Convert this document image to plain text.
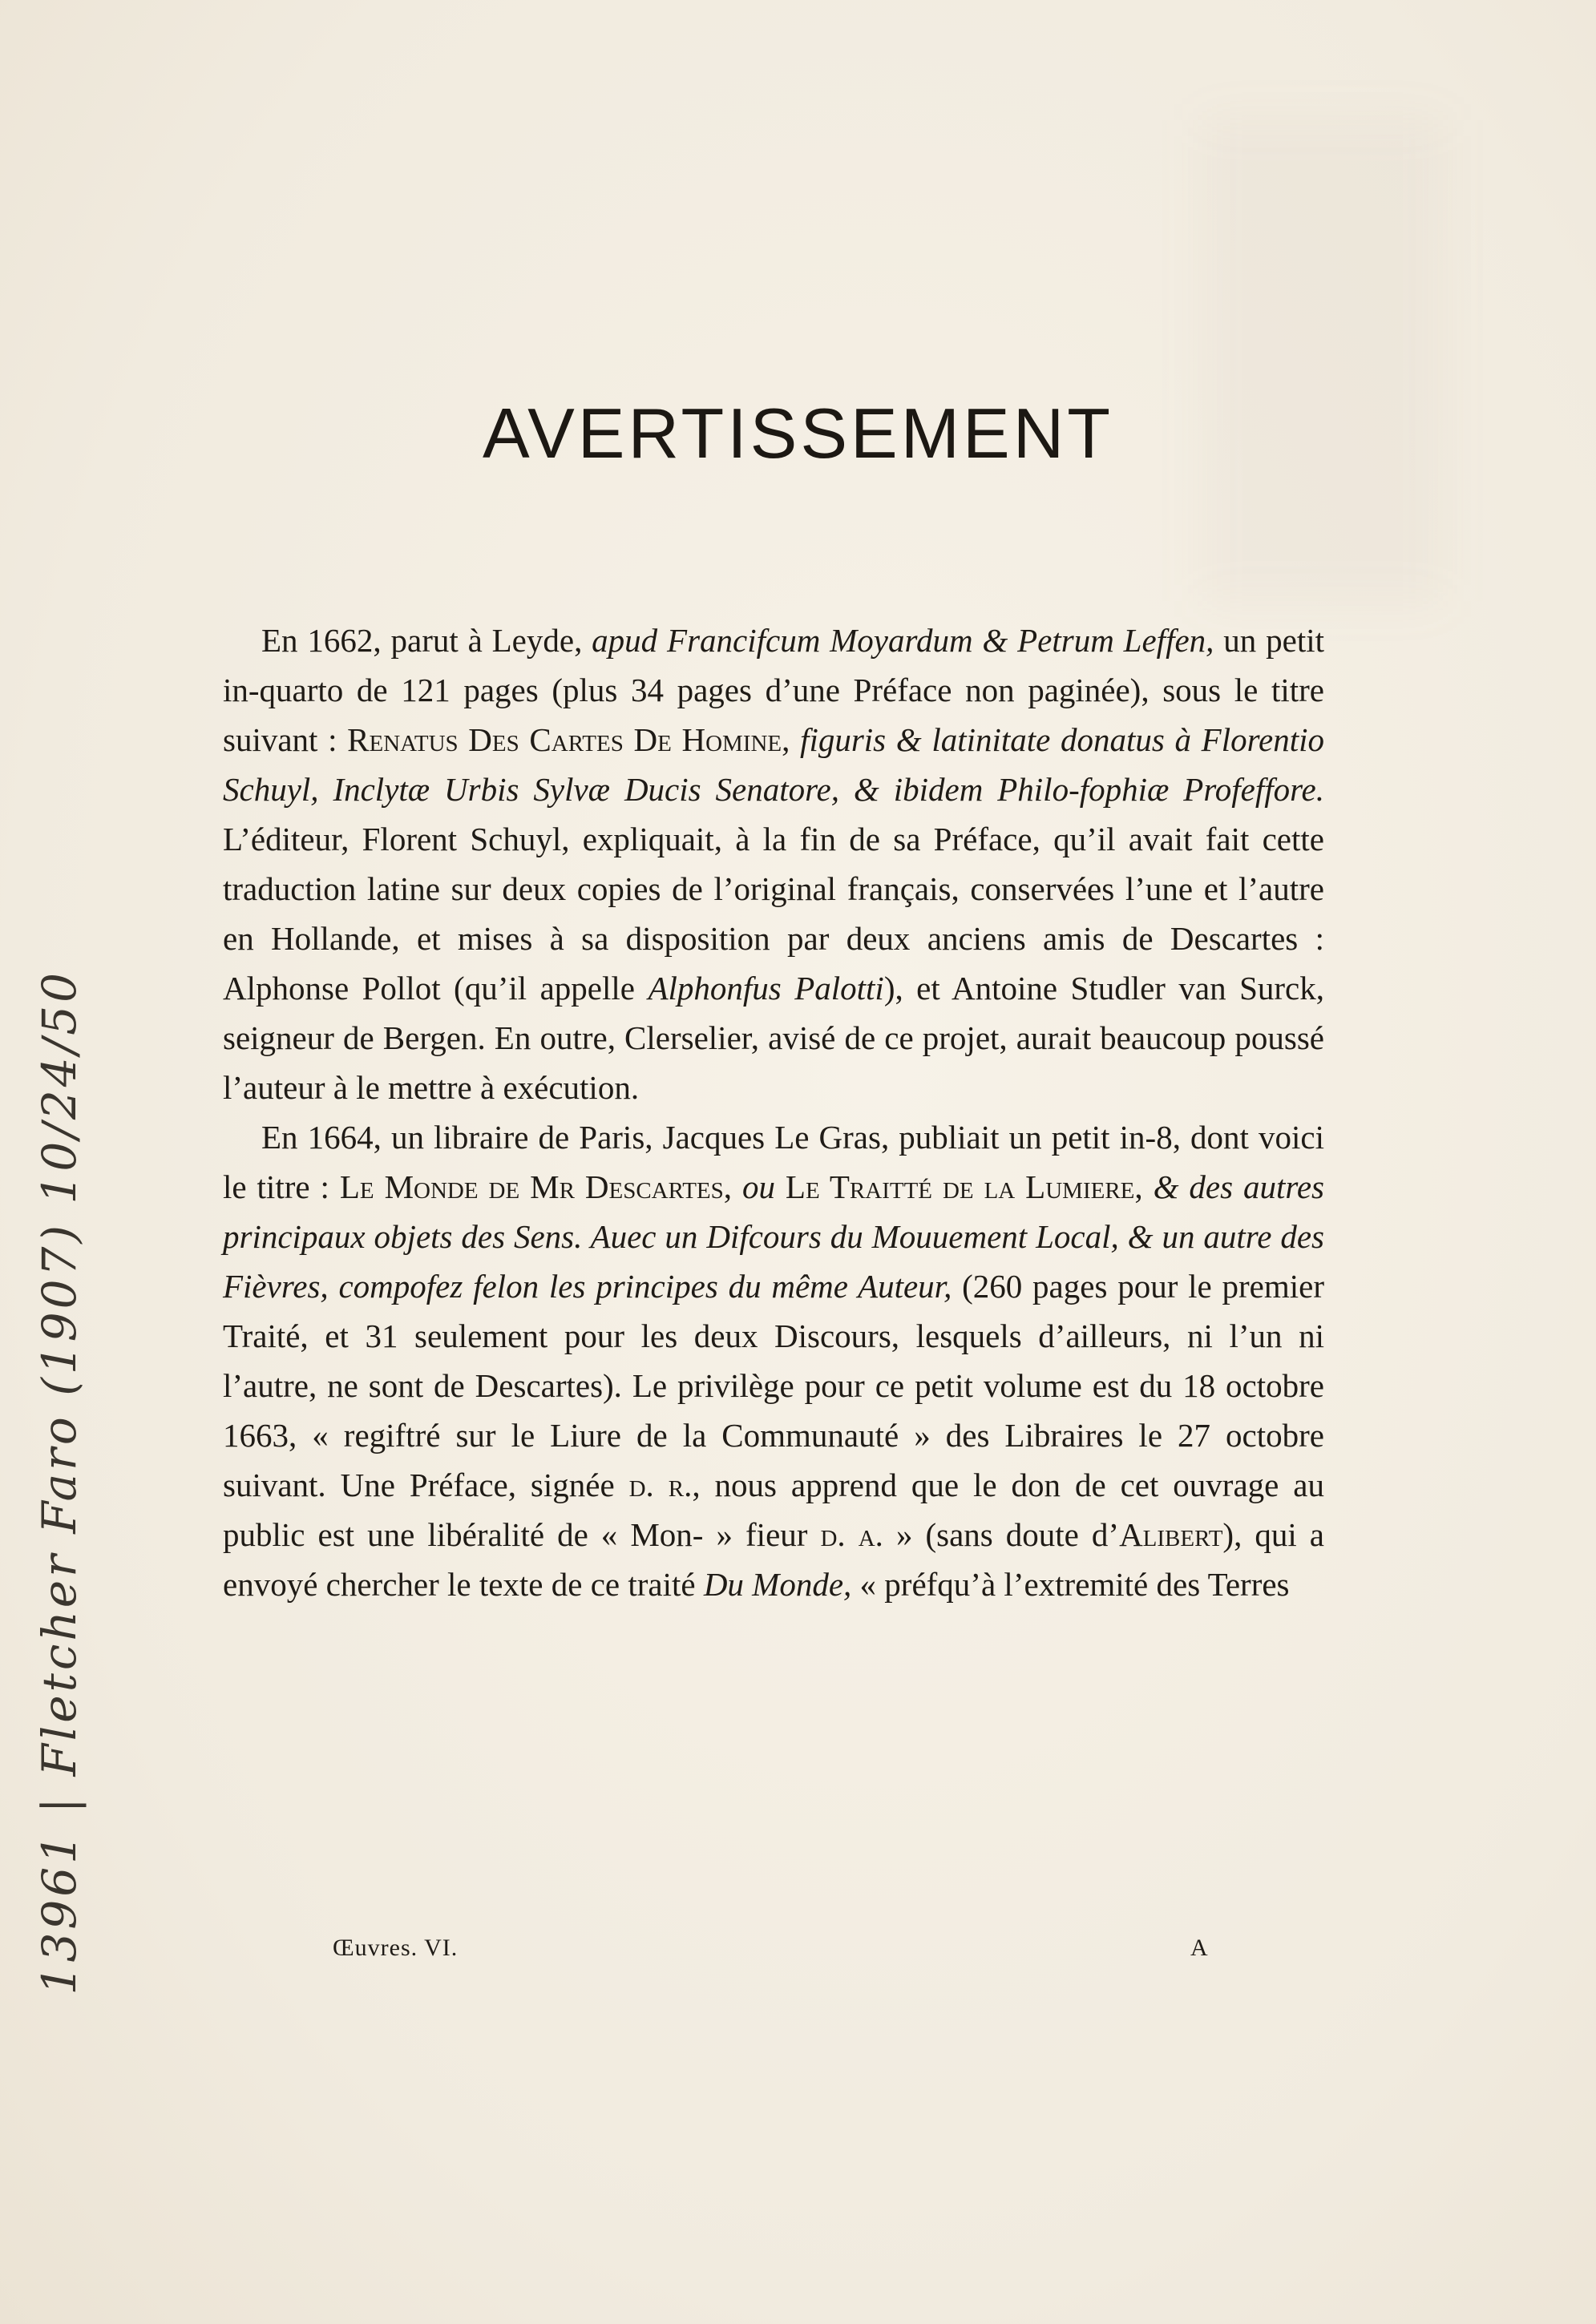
AVERTISSEMENT

En 1662, parut à Leyde, apud Francifcum Moyardum & Petrum Leffen, un petit in-quarto de 121 pages (plus 34 pages d’une Préface non paginée), sous le titre suivant : Renatus Des Cartes De Homine, figuris & latinitate donatus à Florentio Schuyl, Inclytæ Urbis Sylvæ Ducis Senatore, & ibidem Philo-fophiæ Profeffore. L’éditeur, Florent Schuyl, expliquait, à la fin de sa Préface, qu’il avait fait cette traduction latine sur deux copies de l’original français, conservées l’une et l’autre en Hollande, et mises à sa disposition par deux anciens amis de Descartes : Alphonse Pollot (qu’il appelle Alphonfus Palotti), et Antoine Studler van Surck, seigneur de Bergen. En outre, Clerselier, avisé de ce projet, aurait beaucoup poussé l’auteur à le mettre à exécution.

En 1664, un libraire de Paris, Jacques Le Gras, publiait un petit in-8, dont voici le titre : Le Monde de Mr Descartes, ou Le Traitté de la Lumiere, & des autres principaux objets des Sens. Auec un Difcours du Mouuement Local, & un autre des Fièvres, compofez felon les principes du même Auteur, (260 pages pour le premier Traité, et 31 seulement pour les deux Discours, lesquels d’ailleurs, ni l’un ni l’autre, ne sont de Descartes). Le privilège pour ce petit volume est du 18 octobre 1663, « regiftré sur le Liure de la Communauté » des Libraires le 27 octobre suivant. Une Préface, signée d. r., nous apprend que le don de cet ouvrage au public est une libéralité de « Mon- » fieur d. a. » (sans doute d’Alibert), qui a envoyé chercher le texte de ce traité Du Monde, « préfqu’à l’extremité des Terres

Œuvres. VI.	A
13961 | Fletcher Faro (1907) 10/24/50
